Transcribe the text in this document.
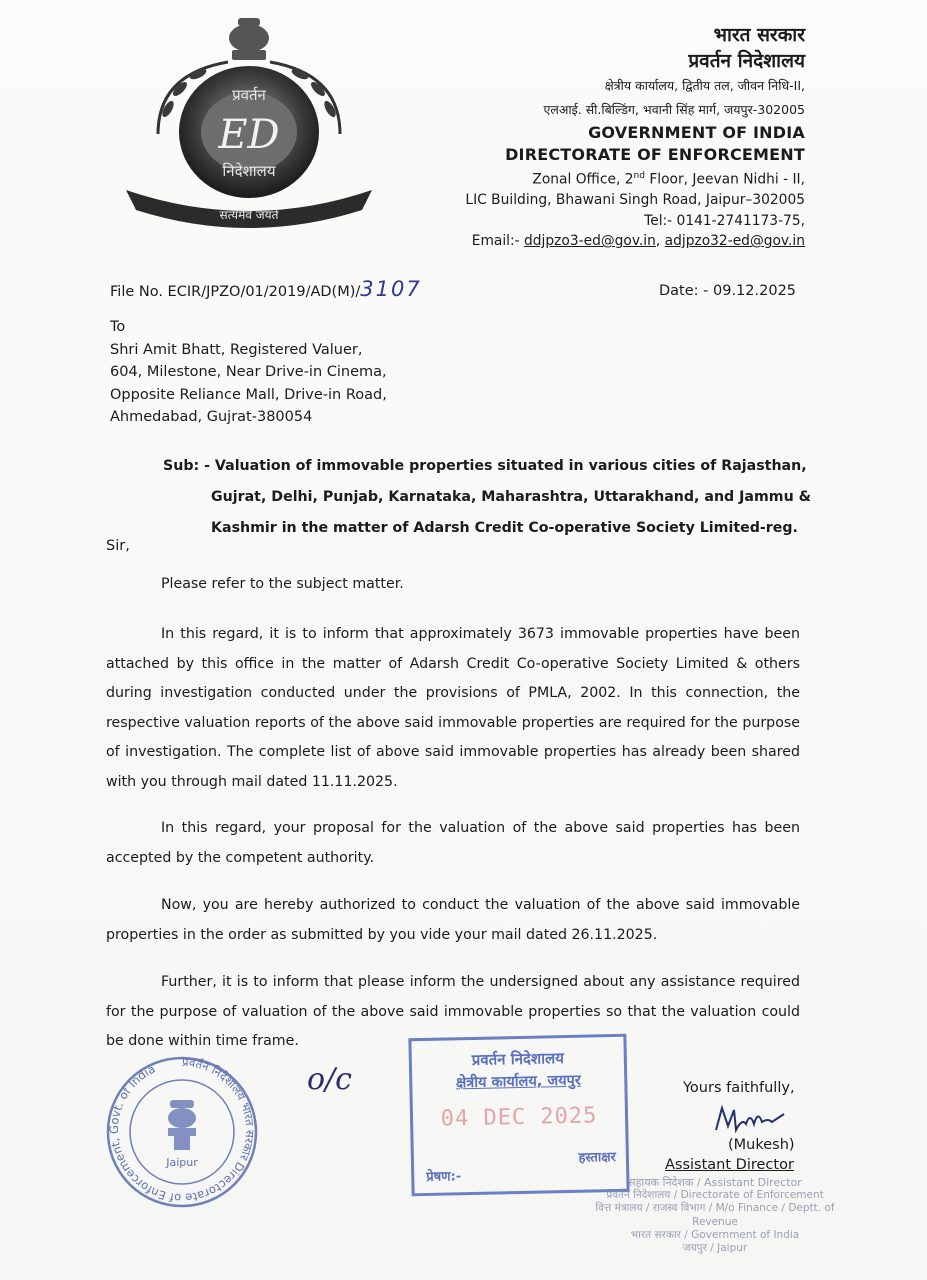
प्रवर्तन
ED
निदेशालय
सत्यमेव जयते
भारत सरकार
प्रवर्तन निदेशालय
क्षेत्रीय कार्यालय, द्वितीय तल, जीवन निधि-II,
एलआई. सी.बिल्डिंग, भवानी सिंह मार्ग, जयपुर-302005
GOVERNMENT OF INDIA
DIRECTORATE OF ENFORCEMENT
Zonal Office, 2nd Floor, Jeevan Nidhi - II,
LIC Building, Bhawani Singh Road, Jaipur–302005
Tel:- 0141-2741173-75,
Email:- ddjpzo3-ed@gov.in, adjpzo32-ed@gov.in
File No. ECIR/JPZO/01/2019/AD(M)/3107	Date: - 09.12.2025
To
Shri Amit Bhatt, Registered Valuer,
604, Milestone, Near Drive-in Cinema,
Opposite Reliance Mall, Drive-in Road,
Ahmedabad, Gujrat-380054
Sub: - Valuation of immovable properties situated in various cities of Rajasthan,
Gujrat, Delhi, Punjab, Karnataka, Maharashtra, Uttarakhand, and Jammu &
Kashmir in the matter of Adarsh Credit Co-operative Society Limited-reg.
Sir,
Please refer to the subject matter.
In this regard, it is to inform that approximately 3673 immovable properties have been attached by this office in the matter of Adarsh Credit Co-operative Society Limited & others during investigation conducted under the provisions of PMLA, 2002. In this connection, the respective valuation reports of the above said immovable properties are required for the purpose of investigation. The complete list of above said immovable properties has already been shared with you through mail dated 11.11.2025.
In this regard, your proposal for the valuation of the above said properties has been accepted by the competent authority.
Now, you are hereby authorized to conduct the valuation of the above said immovable properties in the order as submitted by you vide your mail dated 26.11.2025.
Further, it is to inform that please inform the undersigned about any assistance required for the purpose of valuation of the above said immovable properties so that the valuation could be done within time frame.
प्रवर्तन निदेशालय भारत सरकार Directorate of Enforcement, Govt. of India
Jaipur
o/c
प्रवर्तन निदेशालय
क्षेत्रीय कार्यालय, जयपुर
04 DEC 2025
हस्ताक्षर
प्रेषण:-
Yours faithfully,
(Mukesh)
Assistant Director
सहायक निदेशक / Assistant Director
प्रवर्तन निदेशालय / Directorate of Enforcement
वित्त मंत्रालय / राजस्व विभाग / M/o Finance / Deptt. of Revenue
भारत सरकार / Government of India
जयपुर / Jaipur
